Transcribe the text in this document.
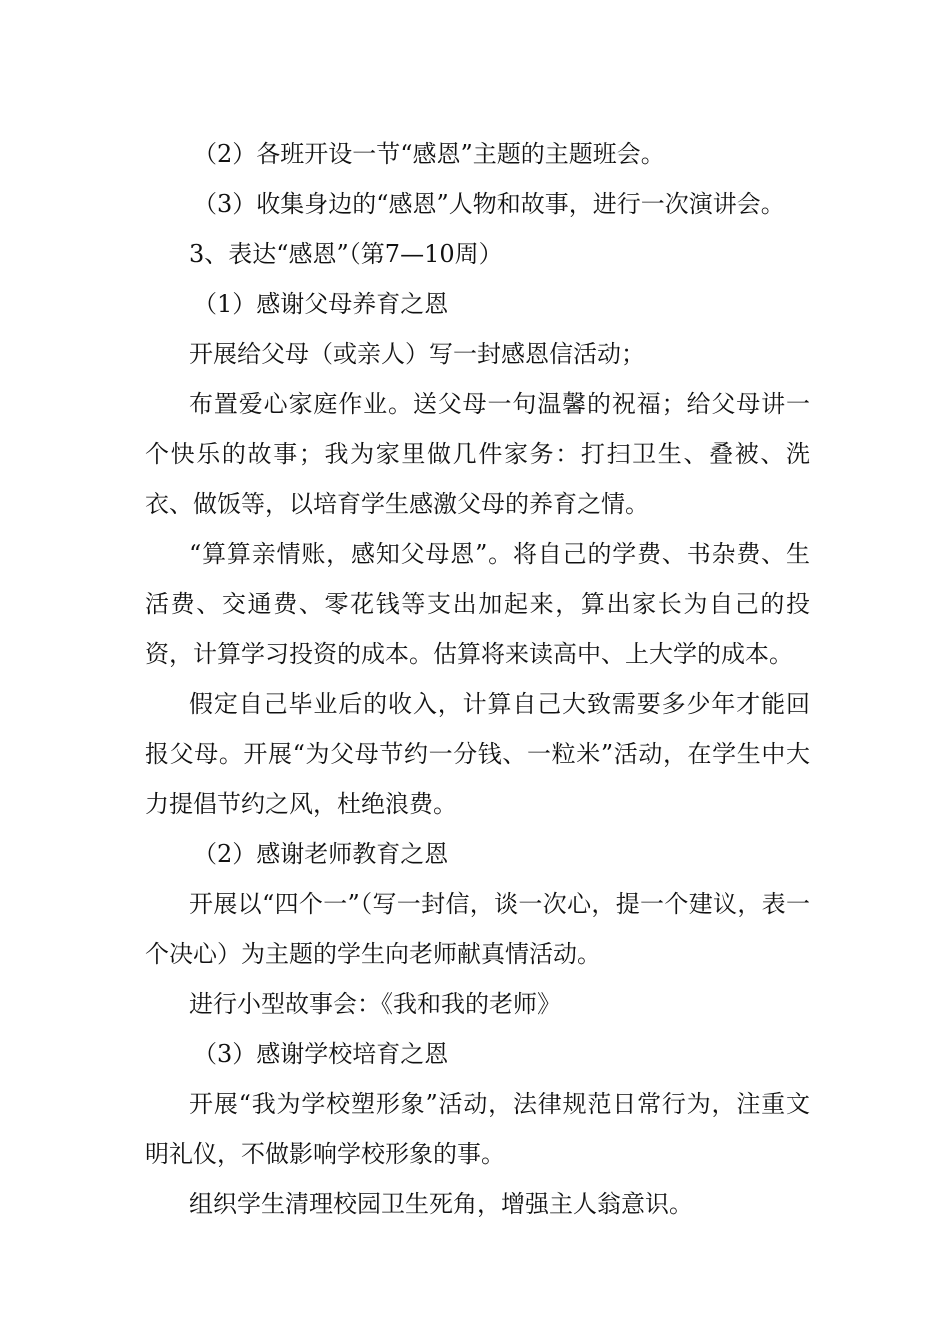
（2）各班开设一节“感恩”主题的主题班会。

（3）收集身边的“感恩”人物和故事，进行一次演讲会。

3、表达“感恩”（第7—10周）

（1）感谢父母养育之恩

开展给父母（或亲人）写一封感恩信活动；

布置爱心家庭作业。送父母一句温馨的祝福；给父母讲一个快乐的故事；我为家里做几件家务：打扫卫生、叠被、洗衣、做饭等，以培育学生感激父母的养育之情。

“算算亲情账，感知父母恩”。将自己的学费、书杂费、生活费、交通费、零花钱等支出加起来，算出家长为自己的投资，计算学习投资的成本。估算将来读高中、上大学的成本。

假定自己毕业后的收入，计算自己大致需要多少年才能回报父母。开展“为父母节约一分钱、一粒米”活动，在学生中大力提倡节约之风，杜绝浪费。

（2）感谢老师教育之恩

开展以“四个一”（写一封信，谈一次心，提一个建议，表一个决心）为主题的学生向老师献真情活动。

进行小型故事会：《我和我的老师》

（3）感谢学校培育之恩

开展“我为学校塑形象”活动，法律规范日常行为，注重文明礼仪，不做影响学校形象的事。

组织学生清理校园卫生死角，增强主人翁意识。
